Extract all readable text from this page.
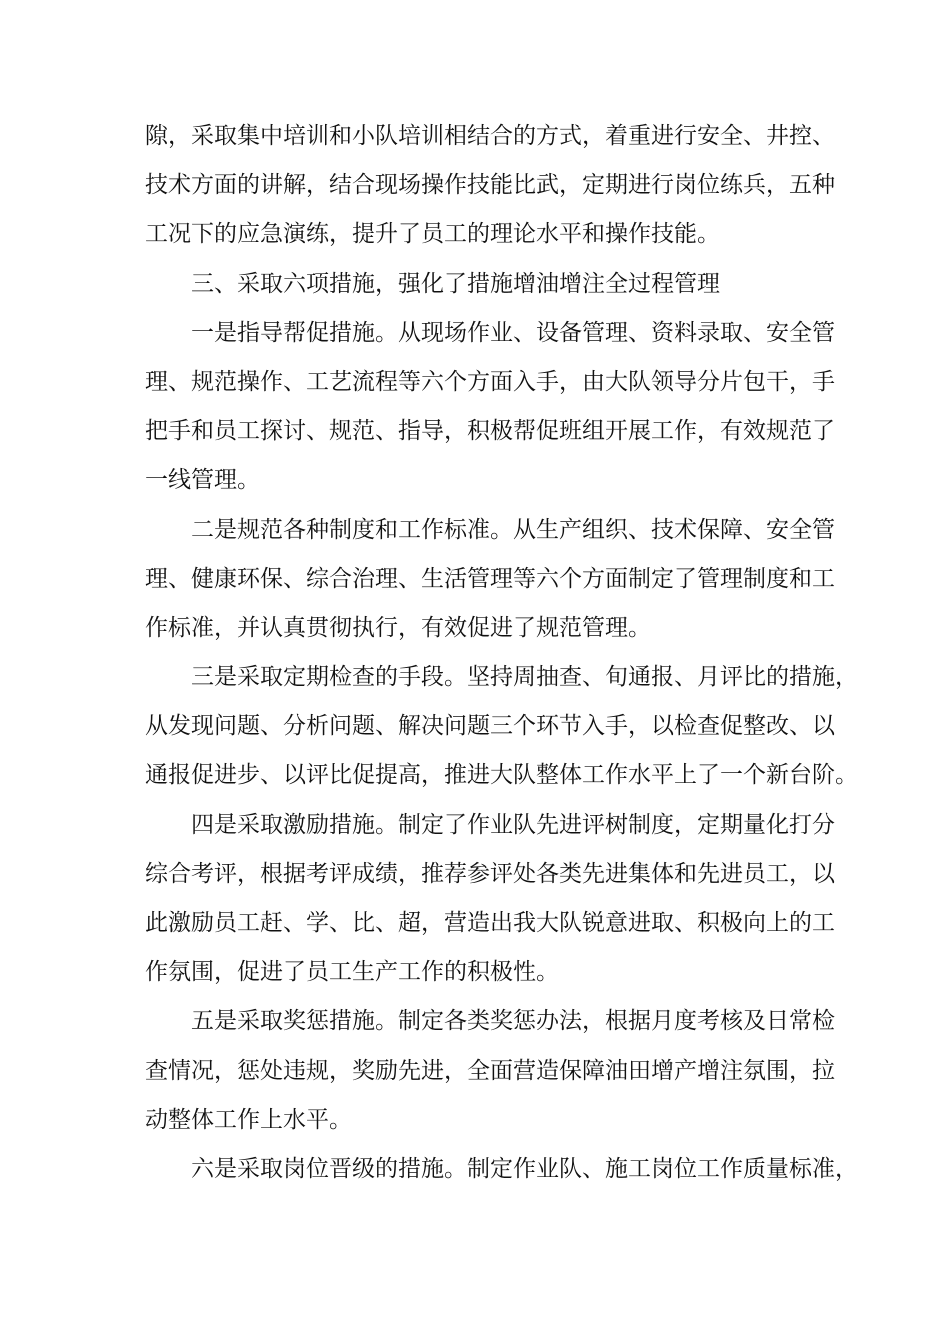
隙，采取集中培训和小队培训相结合的方式，着重进行安全、井控、
技术方面的讲解，结合现场操作技能比武，定期进行岗位练兵，五种
工况下的应急演练，提升了员工的理论水平和操作技能。
三、采取六项措施，强化了措施增油增注全过程管理
一是指导帮促措施。从现场作业、设备管理、资料录取、安全管
理、规范操作、工艺流程等六个方面入手，由大队领导分片包干，手
把手和员工探讨、规范、指导，积极帮促班组开展工作，有效规范了
一线管理。
二是规范各种制度和工作标准。从生产组织、技术保障、安全管
理、健康环保、综合治理、生活管理等六个方面制定了管理制度和工
作标准，并认真贯彻执行，有效促进了规范管理。
三是采取定期检查的手段。坚持周抽查、旬通报、月评比的措施，
从发现问题、分析问题、解决问题三个环节入手，以检查促整改、以
通报促进步、以评比促提高，推进大队整体工作水平上了一个新台阶。
四是采取激励措施。制定了作业队先进评树制度，定期量化打分
综合考评，根据考评成绩，推荐参评处各类先进集体和先进员工，以
此激励员工赶、学、比、超，营造出我大队锐意进取、积极向上的工
作氛围，促进了员工生产工作的积极性。
五是采取奖惩措施。制定各类奖惩办法，根据月度考核及日常检
查情况，惩处违规，奖励先进，全面营造保障油田增产增注氛围，拉
动整体工作上水平。
六是采取岗位晋级的措施。制定作业队、施工岗位工作质量标准，
